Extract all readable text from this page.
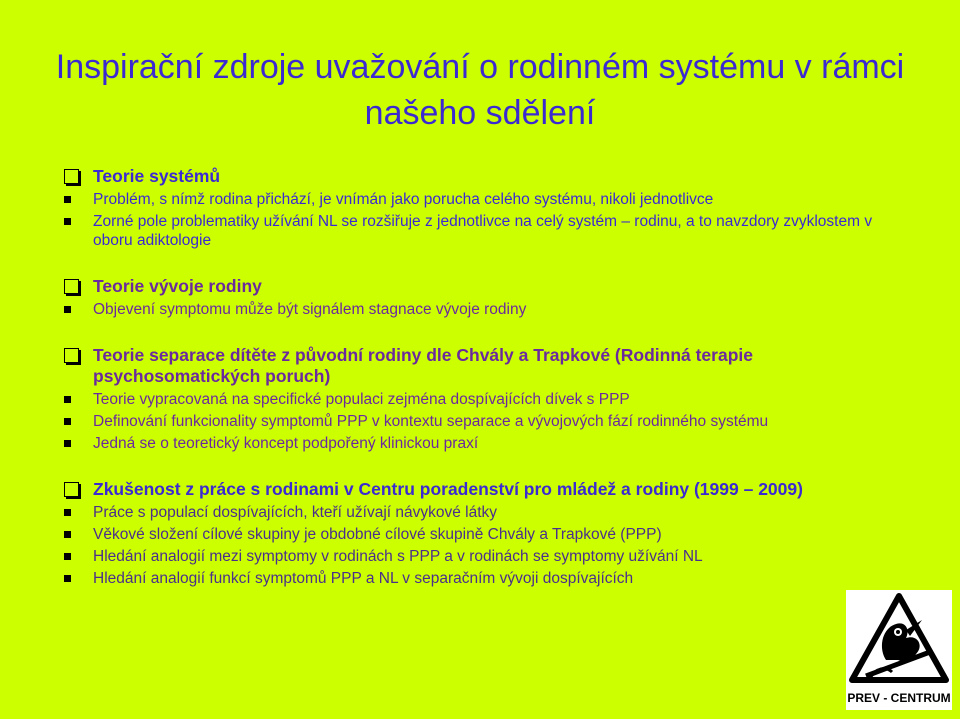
Inspirační zdroje uvažování o rodinném systému v rámci našeho sdělení
Teorie systémů
Problém, s nímž rodina přichází, je vnímán jako porucha celého systému, nikoli jednotlivce
Zorné pole problematiky užívání NL se rozšiřuje z jednotlivce na celý systém – rodinu, a to navzdory zvyklostem v oboru adiktologie
Teorie vývoje rodiny
Objevení symptomu může být signálem stagnace vývoje rodiny
Teorie separace dítěte z původní rodiny dle Chvály a Trapkové (Rodinná terapie psychosomatických poruch)
Teorie vypracovaná na specifické populaci zejména dospívajících dívek s PPP
Definování funkcionality symptomů PPP v kontextu separace a vývojových fází rodinného systému
Jedná se o teoretický koncept podpořený klinickou praxí
Zkušenost z práce s rodinami v Centru poradenství pro mládež a rodiny (1999 – 2009)
Práce s populací dospívajících, kteří užívají návykové látky
Věkové složení cílové skupiny je obdobné cílové skupině Chvály a Trapkové (PPP)
Hledání analogií mezi symptomy v rodinách s PPP a v rodinách se symptomy užívání NL
Hledání analogií funkcí symptomů PPP a NL v separačním vývoji dospívajících
PREV - CENTRUM
